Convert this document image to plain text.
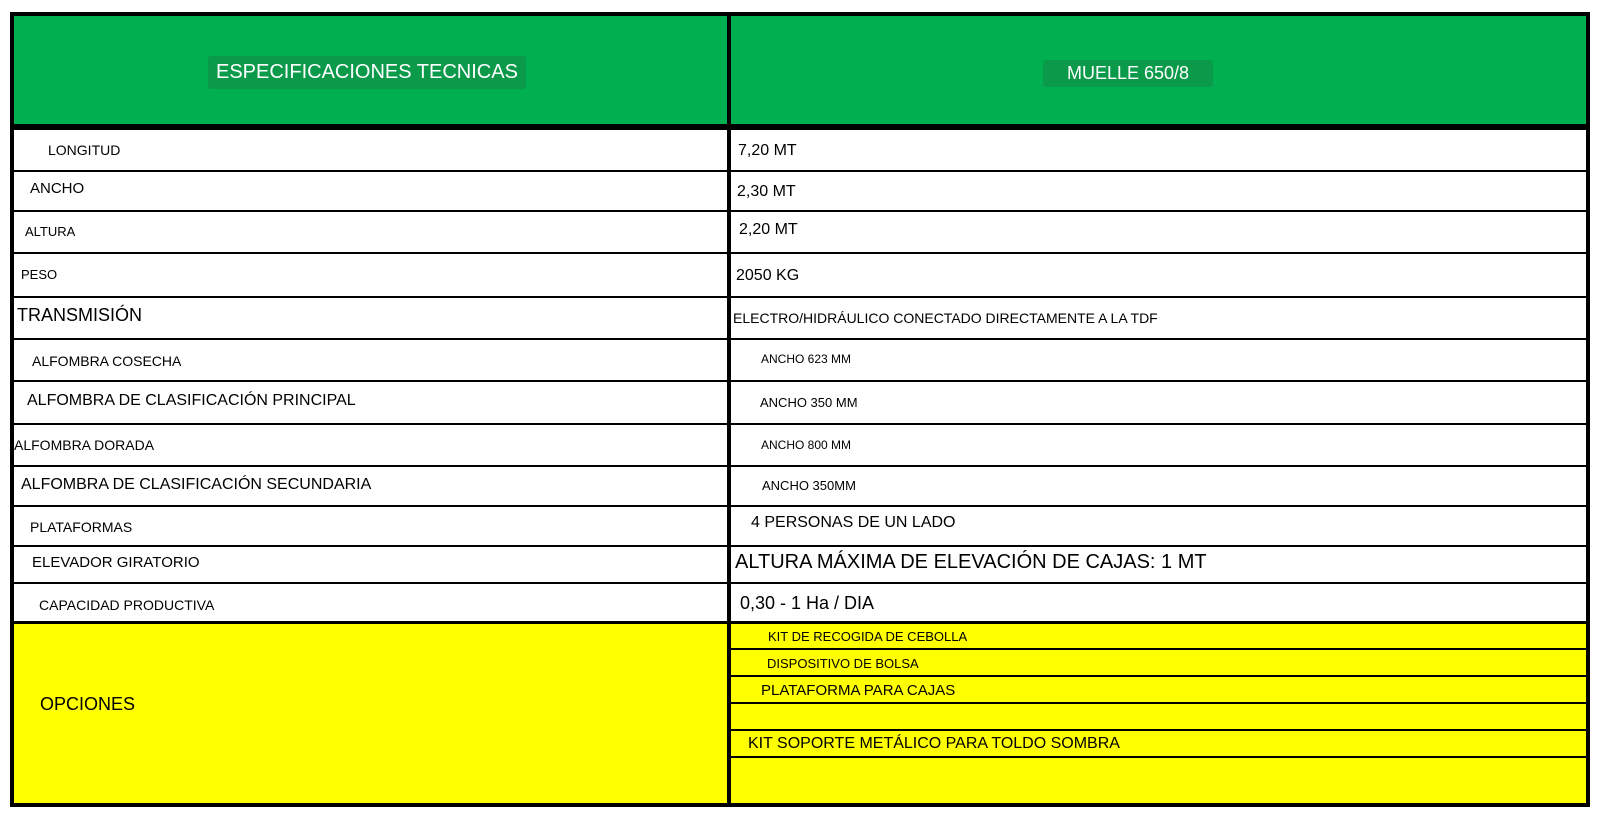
ESPECIFICACIONES TECNICAS	MUELLE 650/8
LONGITUD	7,20 MT
ANCHO	2,30 MT
ALTURA	2,20 MT
PESO	2050 KG
TRANSMISIÓN	ELECTRO/HIDRÁULICO CONECTADO DIRECTAMENTE A LA TDF
ALFOMBRA COSECHA	ANCHO 623 MM
ALFOMBRA DE CLASIFICACIÓN PRINCIPAL	ANCHO 350 MM
ALFOMBRA DORADA	ANCHO 800 MM
ALFOMBRA DE CLASIFICACIÓN SECUNDARIA	ANCHO 350MM
PLATAFORMAS	4 PERSONAS DE UN LADO
ELEVADOR GIRATORIO	ALTURA MÁXIMA DE ELEVACIÓN DE CAJAS: 1 MT
CAPACIDAD PRODUCTIVA	0,30 - 1 Ha / DIA
OPCIONES
KIT DE RECOGIDA DE CEBOLLA
DISPOSITIVO DE BOLSA
PLATAFORMA PARA CAJAS
KIT SOPORTE METÁLICO PARA TOLDO SOMBRA
